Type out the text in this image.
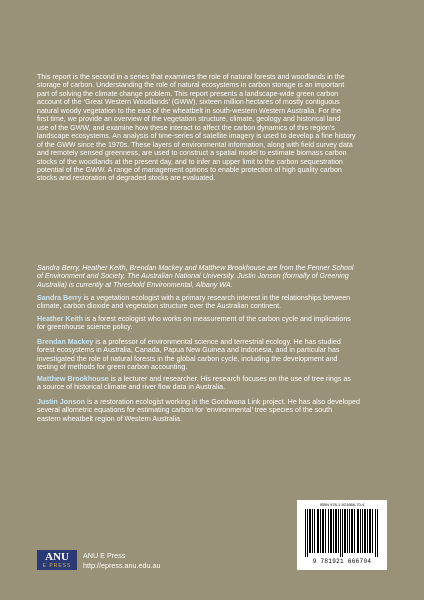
This report is the second in a series that examines the role of natural forests and woodlands in the
storage of carbon. Understanding the role of natural ecosystems in carbon storage is an important
part of solving the climate change problem. This report presents a landscape-wide green carbon
account of the ‘Great Western Woodlands’ (GWW), sixteen million hectares of mostly contiguous
natural woody vegetation to the east of the wheatbelt in south-western Western Australia. For the
first time, we provide an overview of the vegetation structure, climate, geology and historical land
use of the GWW, and examine how these interact to affect the carbon dynamics of this region’s
landscape ecosystems. An analysis of time-series of satellite imagery is used to develop a fine history
of the GWW since the 1970s. These layers of environmental information, along with field survey data
and remotely sensed greenness, are used to construct a spatial model to estimate biomass carbon
stocks of the woodlands at the present day, and to infer an upper limit to the carbon sequestration
potential of the GWW. A range of management options to enable protection of high quality carbon
stocks and restoration of degraded stocks are evaluated.
Sandra Berry, Heather Keith, Brendan Mackey and Matthew Brookhouse are from the Fenner School
of Environment and Society, The Australian National University. Justin Jonson (formally of Greening
Australia) is currently at Threshold Environmental, Albany WA.
Sandra Berry is a vegetation ecologist with a primary research interest in the relationships between
climate, carbon dioxide and vegetation structure over the Australian continent.
Heather Keith is a forest ecologist who works on measurement of the carbon cycle and implications
for greenhouse science policy.
Brendan Mackey is a professor of environmental science and terrestrial ecology. He has studied
forest ecosystems in Australia, Canada, Papua New Guinea and Indonesia, and in particular has
investigated the role of natural forests in the global carbon cycle, including the development and
testing of methods for green carbon accounting.
Matthew Brookhouse is a lecturer and researcher. His research focuses on the use of tree rings as
a source of historical climate and river flow data in Australia.
Justin Jonson is a restoration ecologist working in the Gondwana Link project. He has also developed
several allometric equations for estimating carbon for ‘environmental’ tree species of the south
eastern wheatbelt region of Western Australia.
ISBN 978-1-921666-70-4
9 781921 666704
ANU
E PRESS
ANU E Press
http://epress.anu.edu.au
